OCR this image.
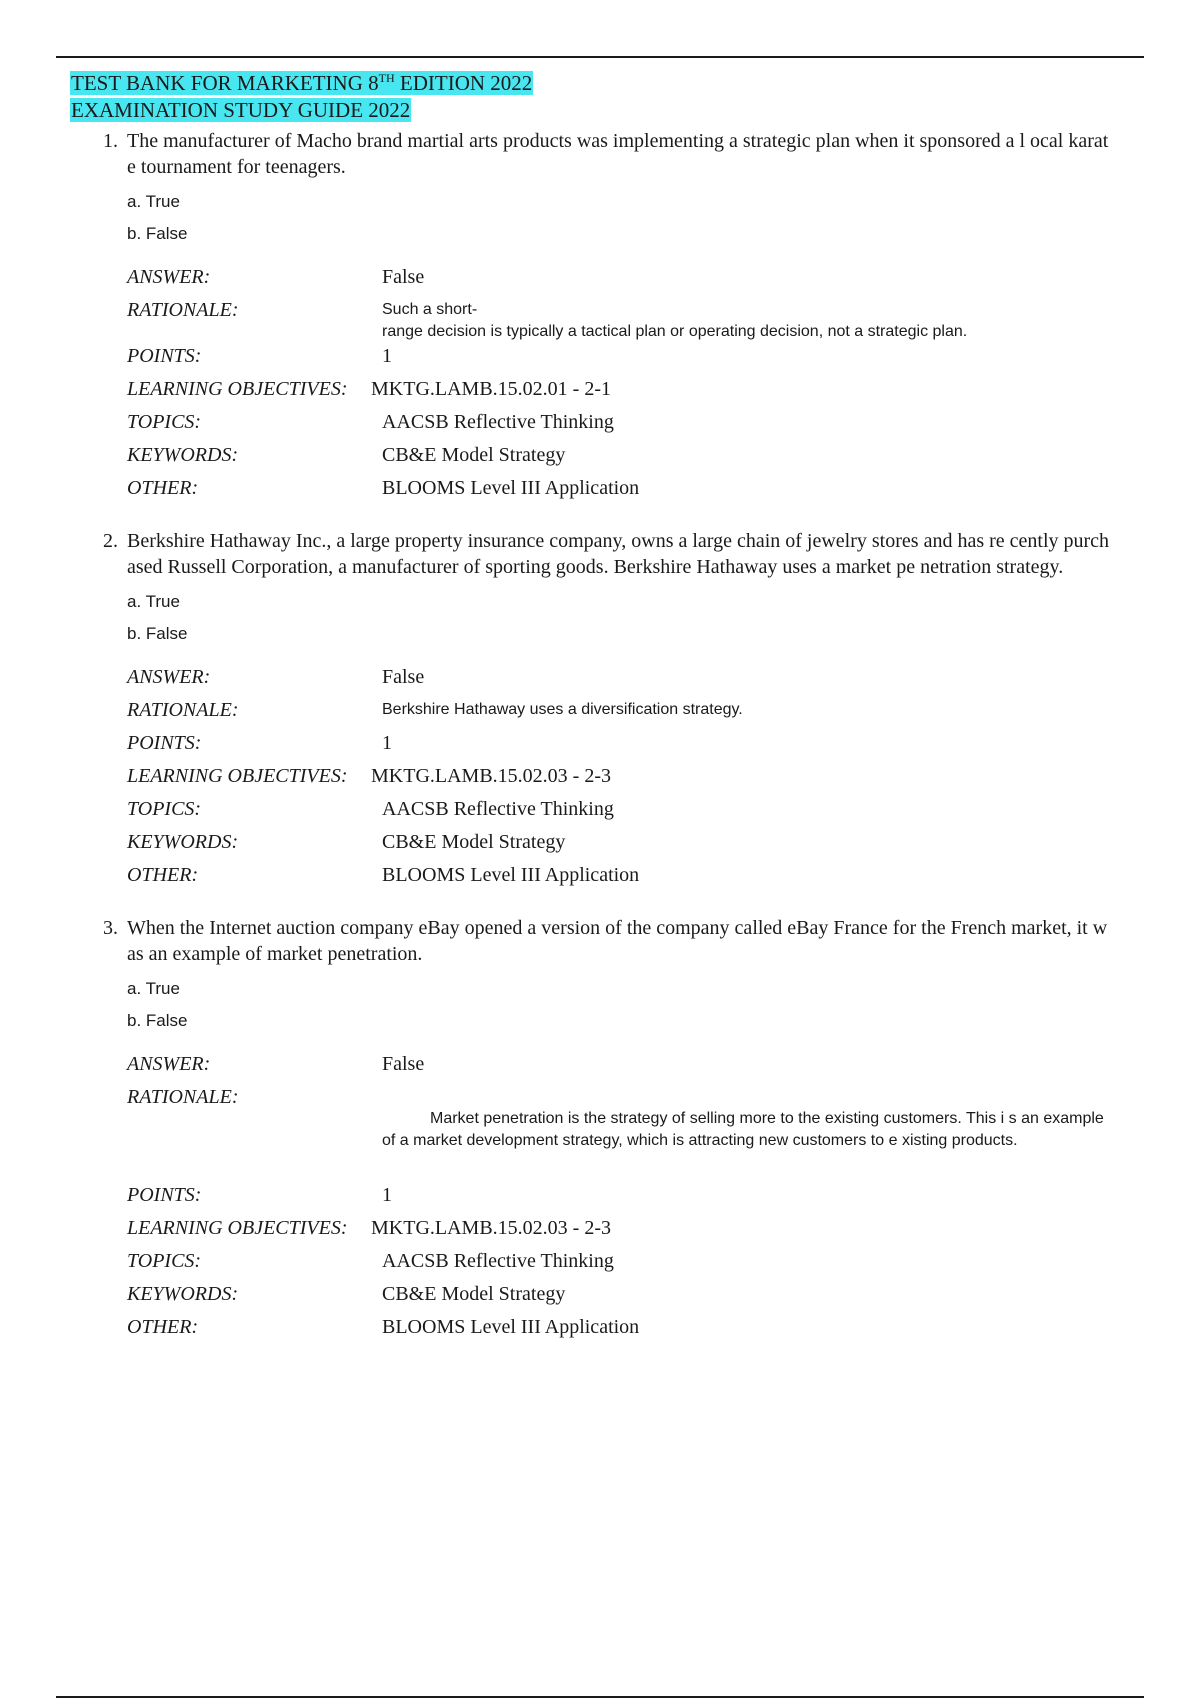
TEST BANK FOR MARKETING 8TH EDITION 2022
EXAMINATION STUDY GUIDE 2022
1. The manufacturer of Macho brand martial arts products was implementing a strategic plan when it sponsored a l ocal karate tournament for teenagers.
a. True
b. False
ANSWER:	False
RATIONALE:	Such a short-
range decision is typically a tactical plan or operating decision, not a strategic plan.
POINTS:	1
LEARNING OBJECTIVES:	MKTG.LAMB.15.02.01 - 2-1
TOPICS:	AACSB Reflective Thinking
KEYWORDS:	CB&E Model Strategy
OTHER:	BLOOMS Level III Application
2. Berkshire Hathaway Inc., a large property insurance company, owns a large chain of jewelry stores and has re cently purchased Russell Corporation, a manufacturer of sporting goods. Berkshire Hathaway uses a market pe netration strategy.
a. True
b. False
ANSWER:	False
RATIONALE:	Berkshire Hathaway uses a diversification strategy.
POINTS:	1
LEARNING OBJECTIVES:	MKTG.LAMB.15.02.03 - 2-3
TOPICS:	AACSB Reflective Thinking
KEYWORDS:	CB&E Model Strategy
OTHER:	BLOOMS Level III Application
3. When the Internet auction company eBay opened a version of the company called eBay France for the French market, it was an example of market penetration.
a. True
b. False
ANSWER:	False
RATIONALE:
Market penetration is the strategy of selling more to the existing customers. This i s an example of a market development strategy, which is attracting new customers to e xisting products.
POINTS:	1
LEARNING OBJECTIVES:	MKTG.LAMB.15.02.03 - 2-3
TOPICS:	AACSB Reflective Thinking
KEYWORDS:	CB&E Model Strategy
OTHER:	BLOOMS Level III Application
